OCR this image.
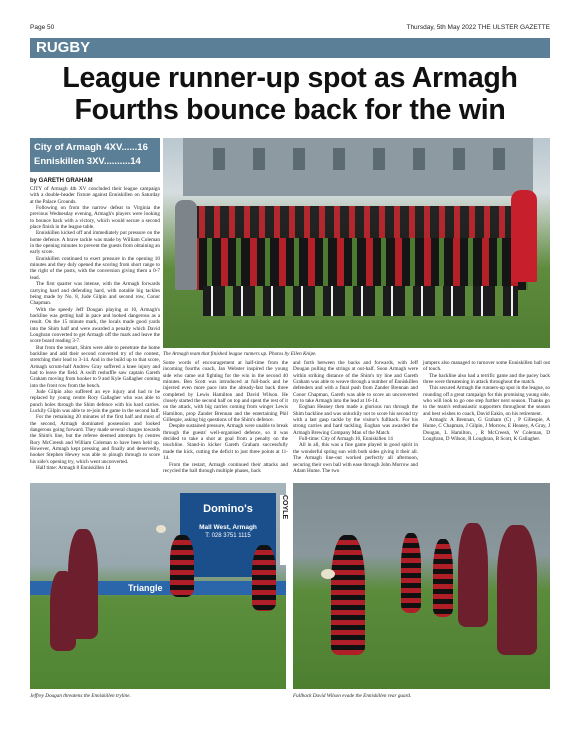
Page 50	Thursday, 5th May 2022 THE ULSTER GAZETTE
RUGBY
League runner-up spot as Armagh Fourths bounce back for the win
City of Armagh 4XV......16
Enniskillen 3XV..........14
by GARETH GRAHAM

CITY of Armagh 4th XV concluded their league campaign with a double-header fixture against Enniskillen on Saturday at the Palace Grounds.

Following on from the narrow defeat to Virginia the previous Wednesday evening, Armagh's players were looking to bounce back with a victory, which would secure a second place finish in the league table.

Enniskillen kicked off and immediately put pressure on the home defence. A brave tackle was made by William Coleman in the opening minutes to prevent the guests from obtaining an early score.

Enniskillen continued to exert pressure in the opening 10 minutes and they duly opened the scoring from short range to the right of the posts, with the conversion giving them a 0-7 lead.

The first quarter was intense, with the Armagh forwards carrying hard and defending hard, with notable big tackles being made by No. 8, Jude Gilpin and second row, Conor Chapman.

With the speedy Jeff Dougan playing at 10, Armagh's backline was getting ball in pace and looked dangerous as a result. On the 15 minute mark, the locals made good yards into the Shim half and were awarded a penalty which David Loughran converted to get Armagh off the mark and leave the score board reading 3-7.

But from the restart, Shim were able to penetrate the home backline and add their second converted try of the contest, stretching their lead to 3-14. And in the build up to that score, Armagh scrum-half Andrew Gray suffered a knee injury and had to leave the field. A swift reshuffle saw captain Gareth Graham moving from hooker to 9 and Kyle Gallagher coming into the front row from the bench.

Jude Gilpin also suffered an eye injury and had to be replaced by young centre Rory Gallagher who was able to punch holes through the Shim defence with his hard carries. Luckily Gilpin was able to re-join the game in the second half.

For the remaining 20 minutes of the first half and most of the second, Armagh dominated possession and looked dangerous going forward. They made several charges towards the Shim's line, but the referee deemed attempts by centres Rory McCreesh and William Coleman to have been held up. However, Armagh kept pressing and finally and deservedly, hooker Stephen Hewey was able to plough through to score his side's opening try, which went unconverted.

Half time: Armagh 8 Enniskillen 14

The Armagh team that finished league runners up. Photos by Ellen Knipe.

Some words of encouragement at half-time from the incoming fourths coach, Jan Webster inspired the young side who came out fighting for the win in the second 40 minutes. Ben Scott was introduced at full-back and he injected even more pace into the already-fast back three completed by Lewis Hamilton and David Wilson. He closely started the second half on top and spent the rest of it on the attack, with big carries coming from winger Lewis Hamilton, prop Zander Brennan and the entertaining Phil Gillespie, asking big questions of the Shim's defence.

Despite sustained pressure, Armagh were unable to break through the guests' well-organised defence, so it was decided to take a shot at goal from a penalty on the touchline. Stand-in kicker Gareth Graham successfully made the kick, cutting the deficit to just three points at 11-14.

From the restart, Armagh continued their attacks and recycled the ball through multiple phases, back

and forth between the backs and forwards, with Jeff Dougan pulling the strings at out-half. Soon Armagh were within striking distance of the Shim's try line and Gareth Graham was able to weave through a number of Enniskillen defenders and with a final push from Zander Brennan and Conor Chapman, Gareth was able to score an unconverted try to take Armagh into the lead at 16-14.

Eoghan Heaney then made a glorious run through the Shim backline and was unluckily not to score his second try with a last gasp tackle by the visitor's fullback. For his strong carries and hard tackling, Eoghan was awarded the Armagh Brewing Company Man of the Match.

Full-time: City of Armagh 16, Enniskillen 14

All in all, this was a fine game played in good spirit in the wonderful spring sun with both sides giving it their all. The Armagh line-out worked perfectly all afternoon, securing their own ball with ease through John Morrow and Adam Hume. The two

jumpers also managed to turnover some Enniskillen ball out of touch.

The backline also had a terrific game and the pacey back three were threatening in attack throughout the match.

This secured Armagh the runners-up spot in the league, so rounding off a great campaign for this promising young side, who will look to go one step further next season. Thanks go to the team's enthusiastic supporters throughout the season and best wishes to coach, David Eakin, on his retirement.

Armagh: A Brennan, G Graham (C) , P Gillespie, A Hume, C Chapman, J Gilpin, J Morrow, E Heaney, A Gray, J Dougan, L Hamilton, , R McCreesh, W Coleman, D Loughran, D Wilson, R Loughran, B Scott, K Gallagher.

Domino's
Mall West, Armagh
T: 028 3751 1115
COYLE
Triangle
Jeffrey Dougan threatens the Enniskillen tryline.	Fullback David Wilson evade the Enniskillen rear guard.
